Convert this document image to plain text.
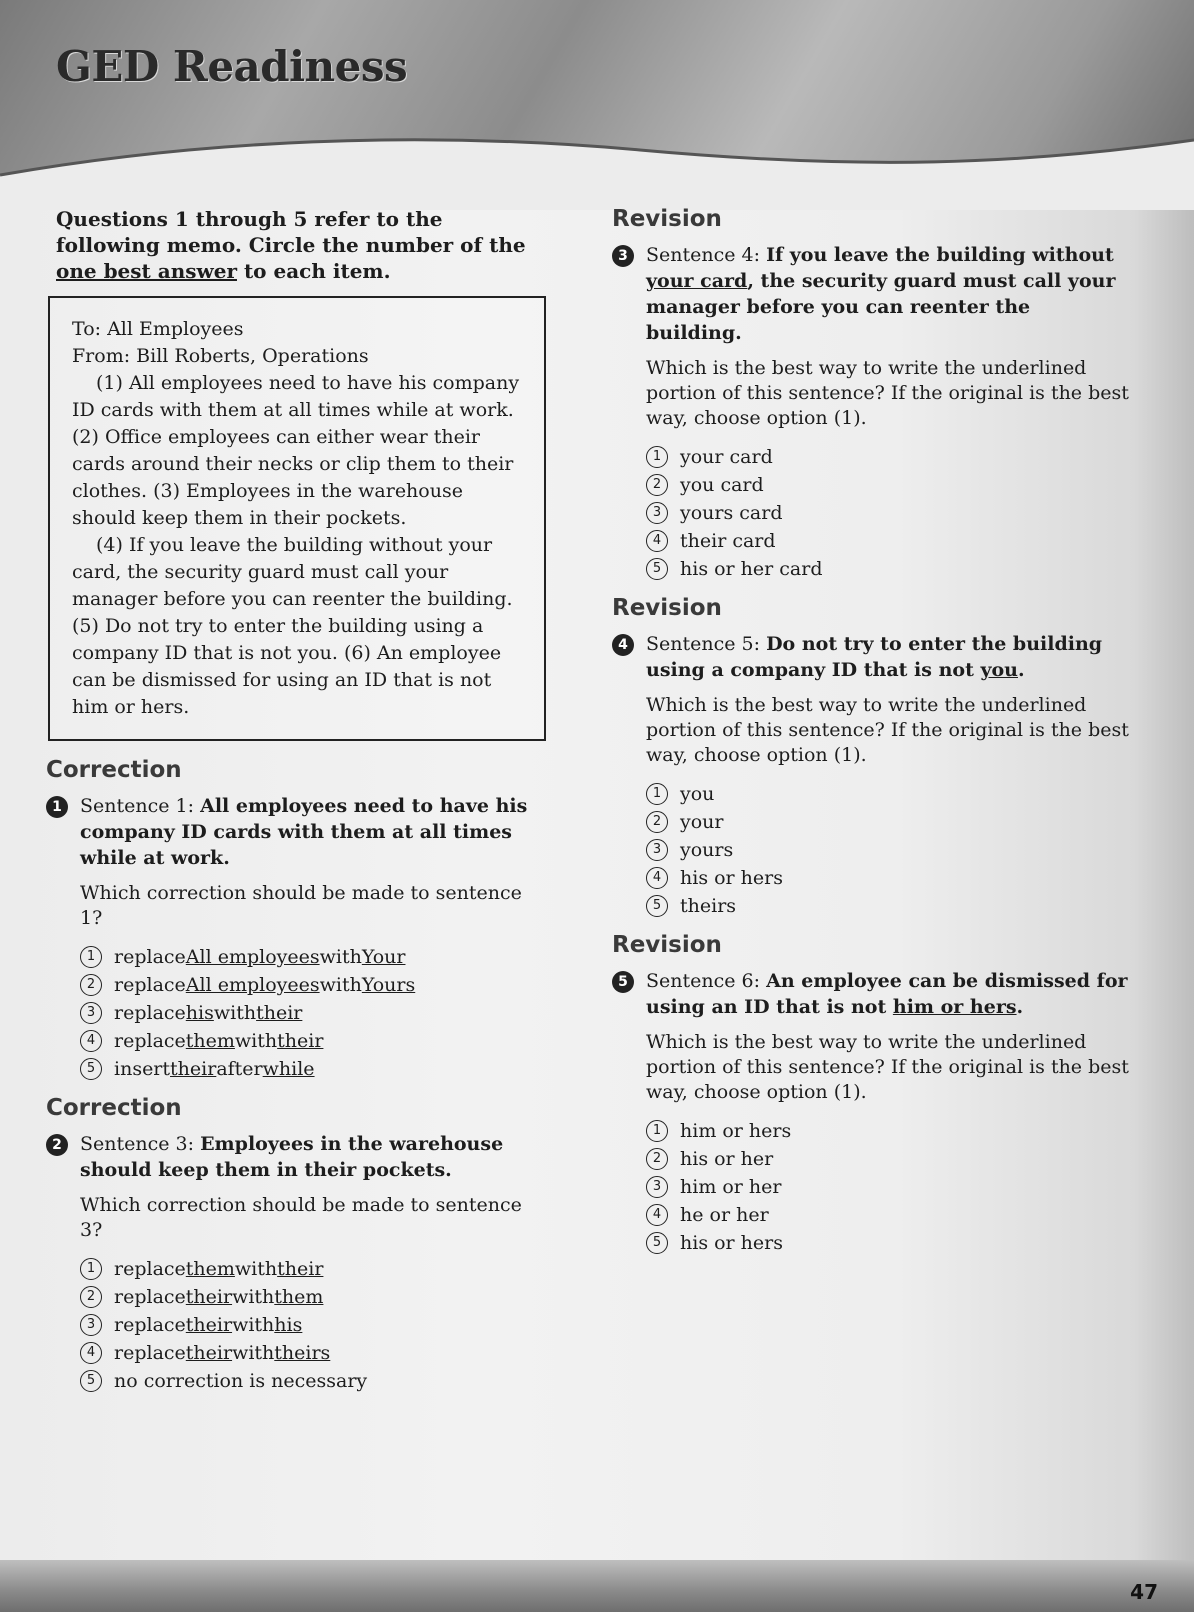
GED Readiness

Questions 1 through 5 refer to the following memo. Circle the number of the one best answer to each item.

To: All Employees

From: Bill Roberts, Operations

(1) All employees need to have his company ID cards with them at all times while at work. (2) Office employees can either wear their cards around their necks or clip them to their clothes. (3) Employees in the warehouse should keep them in their pockets.

(4) If you leave the building without your card, the security guard must call your manager before you can reenter the building. (5) Do not try to enter the building using a company ID that is not you. (6) An employee can be dismissed for using an ID that is not him or hers.

Correction
1 Sentence 1: All employees need to have his company ID cards with them at all times while at work.

Which correction should be made to sentence 1?

1 replace All employees with Your
2 replace All employees with Yours
3 replace his with their
4 replace them with their
5 insert their after while
Correction
2 Sentence 3: Employees in the warehouse should keep them in their pockets.

Which correction should be made to sentence 3?

1 replace them with their
2 replace their with them
3 replace their with his
4 replace their with theirs
5 no correction is necessary
Revision
3 Sentence 4: If you leave the building without your card, the security guard must call your manager before you can reenter the building.

Which is the best way to write the underlined portion of this sentence? If the original is the best way, choose option (1).

1 your card
2 you card
3 yours card
4 their card
5 his or her card
Revision
4 Sentence 5: Do not try to enter the building using a company ID that is not you.

Which is the best way to write the underlined portion of this sentence? If the original is the best way, choose option (1).

1 you
2 your
3 yours
4 his or hers
5 theirs
Revision
5 Sentence 6: An employee can be dismissed for using an ID that is not him or hers.

Which is the best way to write the underlined portion of this sentence? If the original is the best way, choose option (1).

1 him or hers
2 his or her
3 him or her
4 he or her
5 his or hers
47
